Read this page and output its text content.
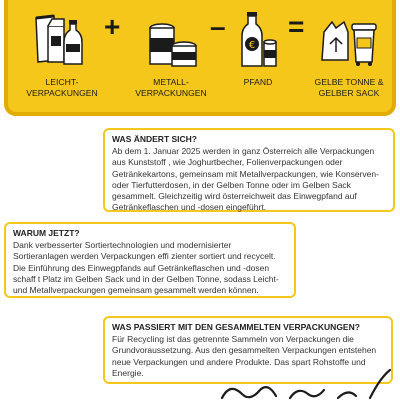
LEICHT-
VERPACKUNGEN
+
METALL-
VERPACKUNGEN
–
€
PFAND
=
GELBE TONNE &
GELBER SACK
WAS ÄNDERT SICH?
Ab dem 1. Januar 2025 werden in ganz Österreich alle Verpackungen aus Kunststoff , wie Joghurtbecher, Folienverpackungen oder Getränkekartons, gemeinsam mit Metallverpackungen, wie Konserven- oder Tierfutterdosen, in der Gelben Tonne oder im Gelben Sack gesammelt. Gleichzeitig wird österreichweit das Einwegpfand auf Getränkeflaschen und -dosen eingeführt.
WARUM JETZT?
Dank verbesserter Sortiertechnologien und modernisierter Sortieranlagen werden Verpackungen effi zienter sortiert und recycelt. Die Einführung des Einwegpfands auf Getränkeflaschen und -dosen schaff t Platz im Gelben Sack und in der Gelben Tonne, sodass Leicht- und Metallverpackungen gemeinsam gesammelt werden können.
WAS PASSIERT MIT DEN GESAMMELTEN VERPACKUNGEN?
Für Recycling ist das getrennte Sammeln von Verpackungen die Grundvoraussetzung. Aus den gesammelten Verpackungen entstehen neue Verpackungen und andere Produkte. Das spart Rohstoffe und Energie.
